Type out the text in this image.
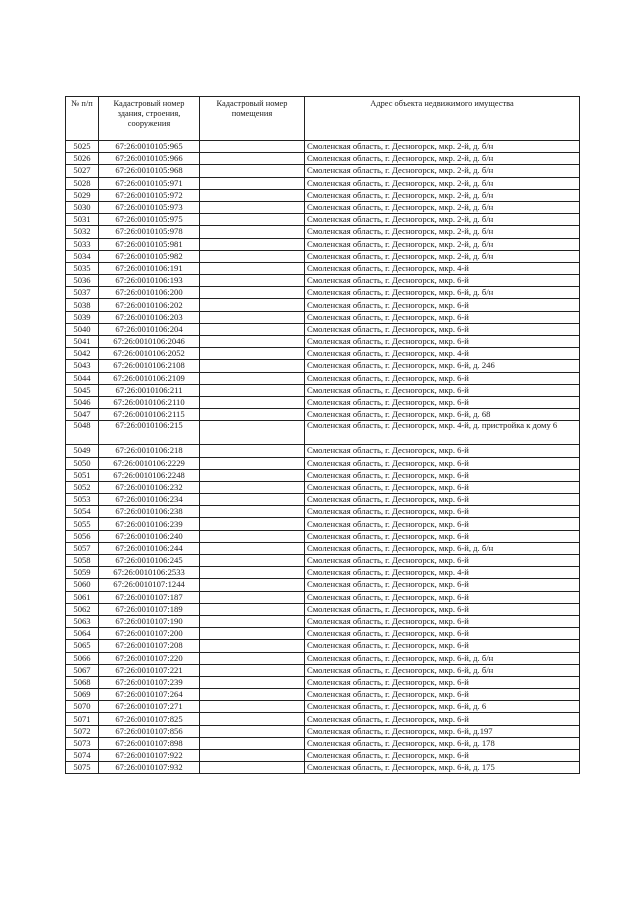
№ п/п	Кадастровый номер здания, строения, сооружения	Кадастровый номер помещения	Адрес объекта недвижимого имущества
5025	67:26:0010105:965		Смоленская область, г. Десногорск, мкр. 2-й, д. б/н
5026	67:26:0010105:966		Смоленская область, г. Десногорск, мкр. 2-й, д. б/н
5027	67:26:0010105:968		Смоленская область, г. Десногорск, мкр. 2-й, д. б/н
5028	67:26:0010105:971		Смоленская область, г. Десногорск, мкр. 2-й, д. б/н
5029	67:26:0010105:972		Смоленская область, г. Десногорск, мкр. 2-й, д. б/н
5030	67:26:0010105:973		Смоленская область, г. Десногорск, мкр. 2-й, д. б/н
5031	67:26:0010105:975		Смоленская область, г. Десногорск, мкр. 2-й, д. б/н
5032	67:26:0010105:978		Смоленская область, г. Десногорск, мкр. 2-й, д. б/н
5033	67:26:0010105:981		Смоленская область, г. Десногорск, мкр. 2-й, д. б/н
5034	67:26:0010105:982		Смоленская область, г. Десногорск, мкр. 2-й, д. б/н
5035	67:26:0010106:191		Смоленская область, г. Десногорск, мкр. 4-й
5036	67:26:0010106:193		Смоленская область, г. Десногорск, мкр. 6-й
5037	67:26:0010106:200		Смоленская область, г. Десногорск, мкр. 6-й, д. б/н
5038	67:26:0010106:202		Смоленская область, г. Десногорск, мкр. 6-й
5039	67:26:0010106:203		Смоленская область, г. Десногорск, мкр. 6-й
5040	67:26:0010106:204		Смоленская область, г. Десногорск, мкр. 6-й
5041	67:26:0010106:2046		Смоленская область, г. Десногорск, мкр. 6-й
5042	67:26:0010106:2052		Смоленская область, г. Десногорск, мкр. 4-й
5043	67:26:0010106:2108		Смоленская область, г. Десногорск, мкр. 6-й, д. 246
5044	67:26:0010106:2109		Смоленская область, г. Десногорск, мкр. 6-й
5045	67:26:0010106:211		Смоленская область, г. Десногорск, мкр. 6-й
5046	67:26:0010106:2110		Смоленская область, г. Десногорск, мкр. 6-й
5047	67:26:0010106:2115		Смоленская область, г. Десногорск, мкр. 6-й, д. 68
5048	67:26:0010106:215		Смоленская область, г. Десногорск, мкр. 4-й, д. пристройка к дому 6
5049	67:26:0010106:218		Смоленская область, г. Десногорск, мкр. 6-й
5050	67:26:0010106:2229		Смоленская область, г. Десногорск, мкр. 6-й
5051	67:26:0010106:2248		Смоленская область, г. Десногорск, мкр. 6-й
5052	67:26:0010106:232		Смоленская область, г. Десногорск, мкр. 6-й
5053	67:26:0010106:234		Смоленская область, г. Десногорск, мкр. 6-й
5054	67:26:0010106:238		Смоленская область, г. Десногорск, мкр. 6-й
5055	67:26:0010106:239		Смоленская область, г. Десногорск, мкр. 6-й
5056	67:26:0010106:240		Смоленская область, г. Десногорск, мкр. 6-й
5057	67:26:0010106:244		Смоленская область, г. Десногорск, мкр. 6-й, д. б/н
5058	67:26:0010106:245		Смоленская область, г. Десногорск, мкр. 6-й
5059	67:26:0010106:2533		Смоленская область, г. Десногорск, мкр. 4-й
5060	67:26:0010107:1244		Смоленская область, г. Десногорск, мкр. 6-й
5061	67:26:0010107:187		Смоленская область, г. Десногорск, мкр. 6-й
5062	67:26:0010107:189		Смоленская область, г. Десногорск, мкр. 6-й
5063	67:26:0010107:190		Смоленская область, г. Десногорск, мкр. 6-й
5064	67:26:0010107:200		Смоленская область, г. Десногорск, мкр. 6-й
5065	67:26:0010107:208		Смоленская область, г. Десногорск, мкр. 6-й
5066	67:26:0010107:220		Смоленская область, г. Десногорск, мкр. 6-й, д. б/н
5067	67:26:0010107:221		Смоленская область, г. Десногорск, мкр. 6-й, д. б/н
5068	67:26:0010107:239		Смоленская область, г. Десногорск, мкр. 6-й
5069	67:26:0010107:264		Смоленская область, г. Десногорск, мкр. 6-й
5070	67:26:0010107:271		Смоленская область, г. Десногорск, мкр. 6-й, д. 6
5071	67:26:0010107:825		Смоленская область, г. Десногорск, мкр. 6-й
5072	67:26:0010107:856		Смоленская область, г. Десногорск, мкр. 6-й, д.197
5073	67:26:0010107:898		Смоленская область, г. Десногорск, мкр. 6-й, д. 178
5074	67:26:0010107:922		Смоленская область, г. Десногорск, мкр. 6-й
5075	67:26:0010107:932		Смоленская область, г. Десногорск, мкр. 6-й, д. 175
